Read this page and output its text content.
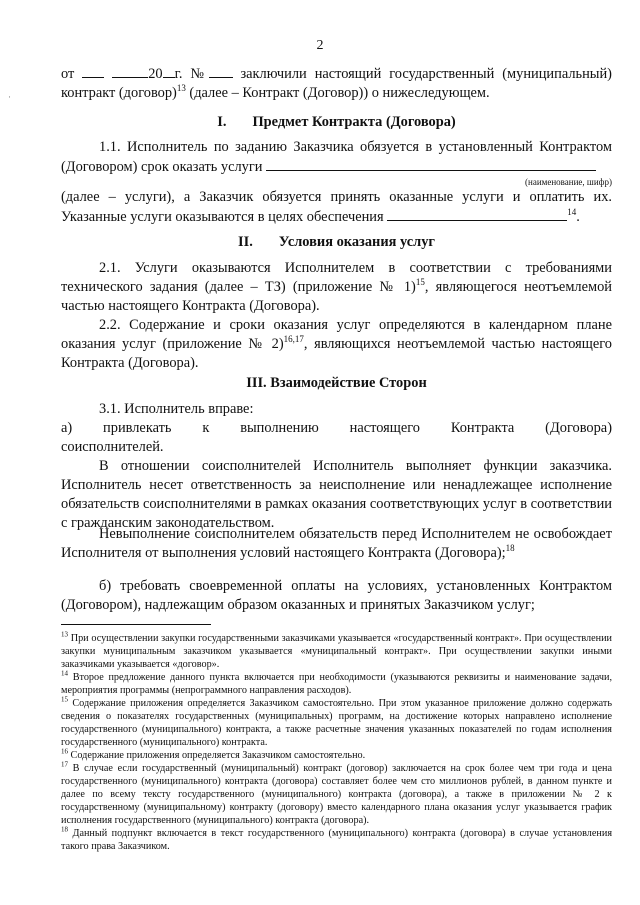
2
·

от	20 г. № заключили настоящий государственный (муниципальный) контракт (договор)$^{13}$ (далее – Контракт (Договор)) о нижеследующем.

I. Предмет Контракта (Договора)

1.1. Исполнитель по заданию Заказчика обязуется в установленный Контрактом (Договором) срок оказать услуги

(наименование, шифр)

(далее – услуги), а Заказчик обязуется принять оказанные услуги и оплатить их. Указанные услуги оказываются в целях обеспечения	$^{14}$.

II. Условия оказания услуг

2.1. Услуги оказываются Исполнителем в соответствии с требованиями технического задания (далее – ТЗ) (приложение № 1)$^{15}$, являющегося неотъемлемой частью настоящего Контракта (Договора).

2.2. Содержание и сроки оказания услуг определяются в календарном плане оказания услуг (приложение № 2)$^{16,17}$, являющихся неотъемлемой частью настоящего Контракта (Договора).

III. Взаимодействие Сторон

3.1. Исполнитель вправе:

а) привлекать к выполнению настоящего Контракта (Договора)

соисполнителей.

В отношении соисполнителей Исполнитель выполняет функции заказчика. Исполнитель несет ответственность за неисполнение или ненадлежащее исполнение обязательств соисполнителями в рамках оказания соответствующих услуг в соответствии с гражданским законодательством.

Невыполнение соисполнителем обязательств перед Исполнителем не освобождает Исполнителя от выполнения условий настоящего Контракта (Договора);$^{18}$

б) требовать своевременной оплаты на условиях, установленных Контрактом (Договором), надлежащим образом оказанных и принятых Заказчиком услуг;

$^{13}$ При осуществлении закупки государственными заказчиками указывается «государственный контракт». При осуществлении закупки муниципальным заказчиком указывается «муниципальный контракт». При осуществлении закупки иными заказчиками указывается «договор».

$^{14}$ Второе предложение данного пункта включается при необходимости (указываются реквизиты и наименование задачи, мероприятия программы (непрограммного направления расходов).

$^{15}$ Содержание приложения определяется Заказчиком самостоятельно. При этом указанное приложение должно содержать сведения о показателях государственных (муниципальных) программ, на достижение которых направлено исполнение государственного (муниципального) контракта, а также расчетные значения указанных показателей по годам исполнения государственного (муниципального) контракта.

$^{16}$ Содержание приложения определяется Заказчиком самостоятельно.

$^{17}$ В случае если государственный (муниципальный) контракт (договор) заключается на срок более чем три года и цена государственного (муниципального) контракта (договора) составляет более чем сто миллионов рублей, в данном пункте и далее по всему тексту государственного (муниципального) контракта (договора), а также в приложении № 2 к государственному (муниципальному) контракту (договору) вместо календарного плана оказания услуг указывается график исполнения государственного (муниципального) контракта (договора).

$^{18}$ Данный подпункт включается в текст государственного (муниципального) контракта (договора) в случае установления такого права Заказчиком.
